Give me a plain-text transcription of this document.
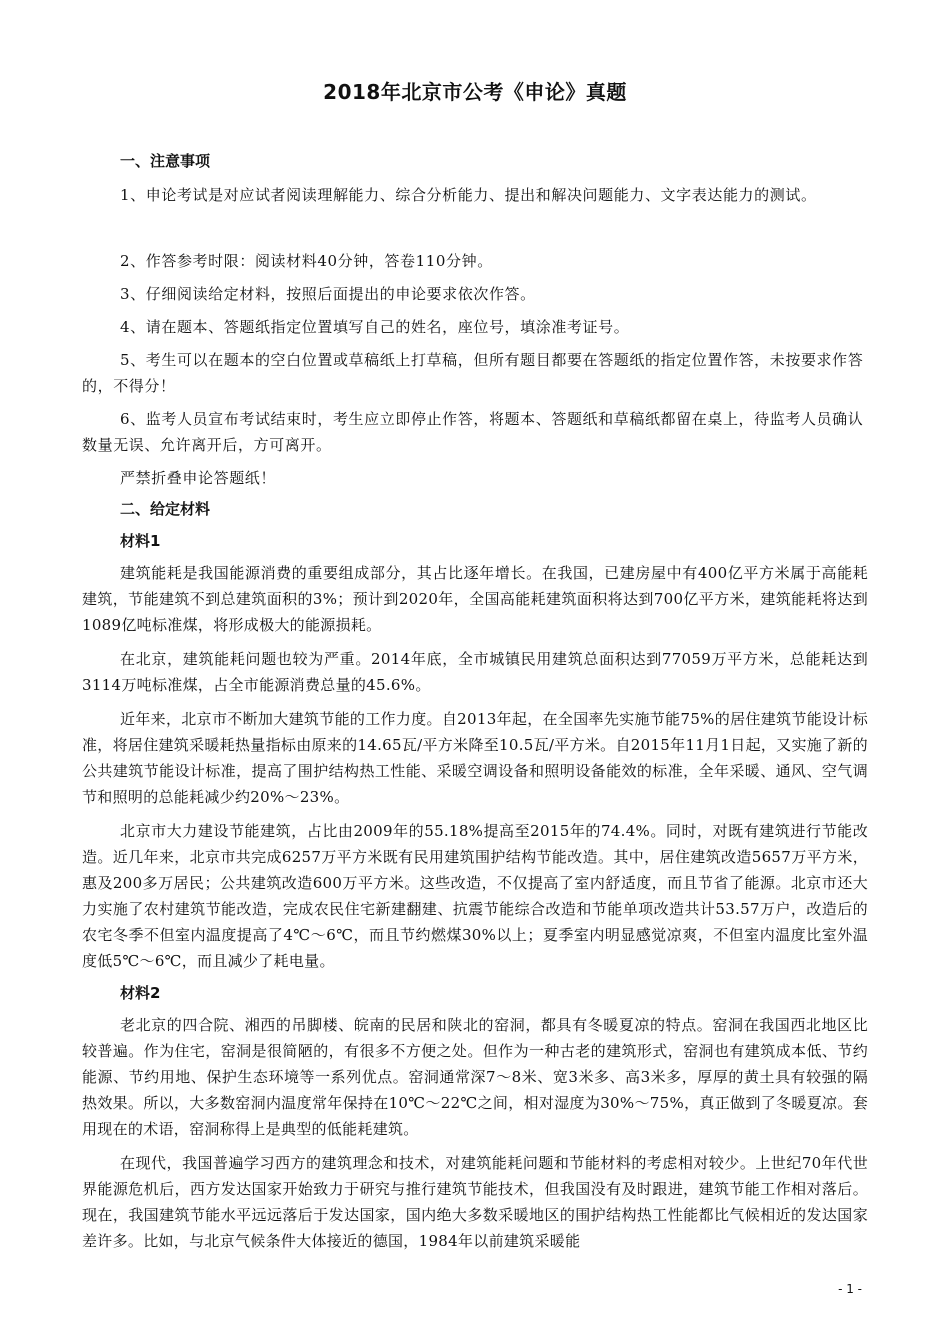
2018年北京市公考《申论》真题
一、注意事项

1、申论考试是对应试者阅读理解能力、综合分析能力、提出和解决问题能力、文字表达能力的测试。

2、作答参考时限：阅读材料40分钟，答卷110分钟。

3、仔细阅读给定材料，按照后面提出的申论要求依次作答。

4、请在题本、答题纸指定位置填写自己的姓名，座位号，填涂准考证号。

5、考生可以在题本的空白位置或草稿纸上打草稿，但所有题目都要在答题纸的指定位置作答，未按要求作答的，不得分！

6、监考人员宣布考试结束时，考生应立即停止作答，将题本、答题纸和草稿纸都留在桌上，待监考人员确认数量无误、允许离开后，方可离开。

严禁折叠申论答题纸！

二、给定材料
材料1

建筑能耗是我国能源消费的重要组成部分，其占比逐年增长。在我国，已建房屋中有400亿平方米属于高能耗建筑，节能建筑不到总建筑面积的3%；预计到2020年，全国高能耗建筑面积将达到700亿平方米，建筑能耗将达到1089亿吨标准煤，将形成极大的能源损耗。

在北京，建筑能耗问题也较为严重。2014年底，全市城镇民用建筑总面积达到77059万平方米，总能耗达到3114万吨标准煤，占全市能源消费总量的45.6%。

近年来，北京市不断加大建筑节能的工作力度。自2013年起，在全国率先实施节能75%的居住建筑节能设计标准，将居住建筑采暖耗热量指标由原来的14.65瓦/平方米降至10.5瓦/平方米。自2015年11月1日起，又实施了新的公共建筑节能设计标准，提高了围护结构热工性能、采暖空调设备和照明设备能效的标准，全年采暖、通风、空气调节和照明的总能耗减少约20%～23%。

北京市大力建设节能建筑，占比由2009年的55.18%提高至2015年的74.4%。同时，对既有建筑进行节能改造。近几年来，北京市共完成6257万平方米既有民用建筑围护结构节能改造。其中，居住建筑改造5657万平方米，惠及200多万居民；公共建筑改造600万平方米。这些改造，不仅提高了室内舒适度，而且节省了能源。北京市还大力实施了农村建筑节能改造，完成农民住宅新建翻建、抗震节能综合改造和节能单项改造共计53.57万户，改造后的农宅冬季不但室内温度提高了4℃～6℃，而且节约燃煤30%以上；夏季室内明显感觉凉爽，不但室内温度比室外温度低5℃～6℃，而且减少了耗电量。

材料2

老北京的四合院、湘西的吊脚楼、皖南的民居和陕北的窑洞，都具有冬暖夏凉的特点。窑洞在我国西北地区比较普遍。作为住宅，窑洞是很简陋的，有很多不方便之处。但作为一种古老的建筑形式，窑洞也有建筑成本低、节约能源、节约用地、保护生态环境等一系列优点。窑洞通常深7～8米、宽3米多、高3米多，厚厚的黄土具有较强的隔热效果。所以，大多数窑洞内温度常年保持在10℃～22℃之间，相对湿度为30%～75%，真正做到了冬暖夏凉。套用现在的术语，窑洞称得上是典型的低能耗建筑。

在现代，我国普遍学习西方的建筑理念和技术，对建筑能耗问题和节能材料的考虑相对较少。上世纪70年代世界能源危机后，西方发达国家开始致力于研究与推行建筑节能技术，但我国没有及时跟进，建筑节能工作相对落后。现在，我国建筑节能水平远远落后于发达国家，国内绝大多数采暖地区的围护结构热工性能都比气候相近的发达国家差许多。比如，与北京气候条件大体接近的德国，1984年以前建筑采暖能

- 1 -
